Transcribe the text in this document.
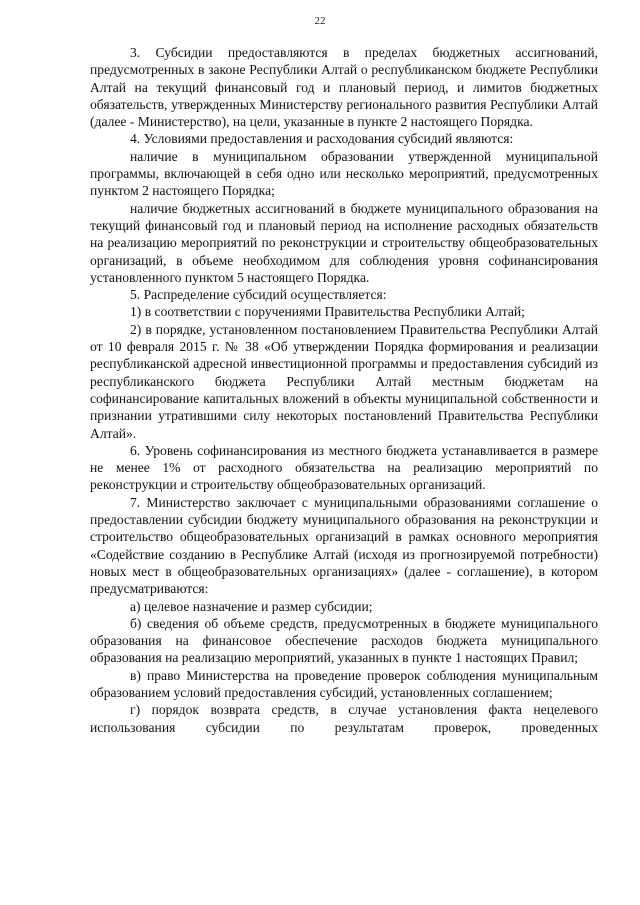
22

3. Субсидии предоставляются в пределах бюджетных ассигнований, предусмотренных в законе Республики Алтай о республиканском бюджете Республики Алтай на текущий финансовый год и плановый период, и лимитов бюджетных обязательств, утвержденных Министерству регионального развития Республики Алтай (далее - Министерство), на цели, указанные в пункте 2 настоящего Порядка.

4. Условиями предоставления и расходования субсидий являются:

наличие в муниципальном образовании утвержденной муниципальной программы, включающей в себя одно или несколько мероприятий, предусмотренных пунктом 2 настоящего Порядка;

наличие бюджетных ассигнований в бюджете муниципального образования на текущий финансовый год и плановый период на исполнение расходных обязательств на реализацию мероприятий по реконструкции и строительству общеобразовательных организаций, в объеме необходимом для соблюдения уровня софинансирования установленного пунктом 5 настоящего Порядка.

5. Распределение субсидий осуществляется:

1) в соответствии с поручениями Правительства Республики Алтай;

2) в порядке, установленном постановлением Правительства Республики Алтай от 10 февраля 2015 г. № 38 «Об утверждении Порядка формирования и реализации республиканской адресной инвестиционной программы и предоставления субсидий из республиканского бюджета Республики Алтай местным бюджетам на софинансирование капитальных вложений в объекты муниципальной собственности и признании утратившими силу некоторых постановлений Правительства Республики Алтай».

6. Уровень софинансирования из местного бюджета устанавливается в размере не менее 1% от расходного обязательства на реализацию мероприятий по реконструкции и строительству общеобразовательных организаций.

7. Министерство заключает с муниципальными образованиями соглашение о предоставлении субсидии бюджету муниципального образования на реконструкции и строительство общеобразовательных организаций в рамках основного мероприятия «Содействие созданию в Республике Алтай (исходя из прогнозируемой потребности) новых мест в общеобразовательных организациях» (далее - соглашение), в котором предусматриваются:

а) целевое назначение и размер субсидии;

б) сведения об объеме средств, предусмотренных в бюджете муниципального образования на финансовое обеспечение расходов бюджета муниципального образования на реализацию мероприятий, указанных в пункте 1 настоящих Правил;

в) право Министерства на проведение проверок соблюдения муниципальным образованием условий предоставления субсидий, установленных соглашением;

г) порядок возврата средств, в случае установления факта нецелевого использования субсидии по результатам проверок, проведенных
